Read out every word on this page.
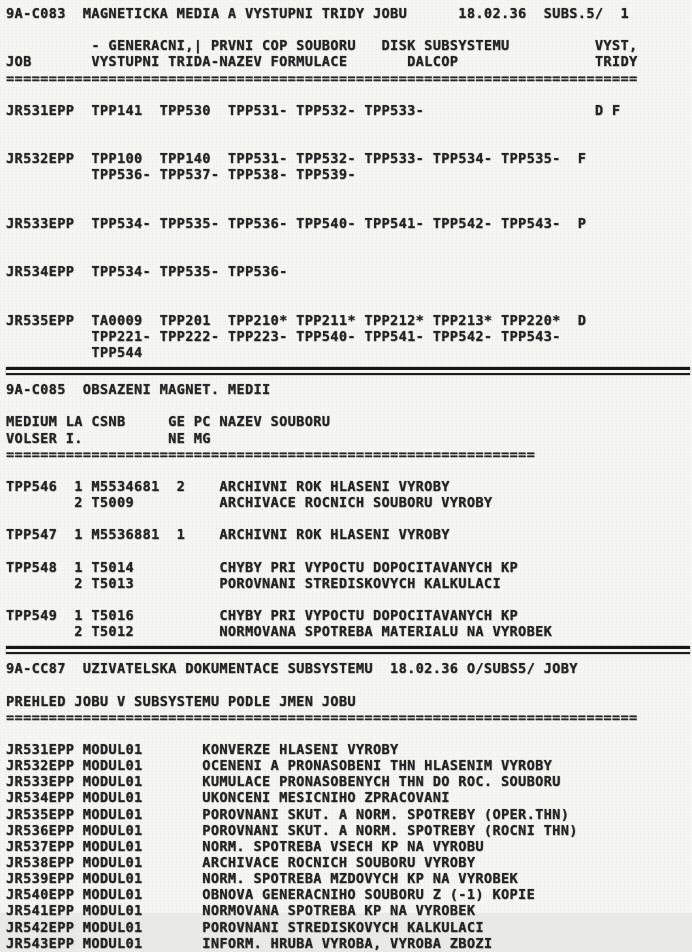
9A-C083  MAGNETICKA MEDIA A VYSTUPNI TRIDY JOBU      18.02.36  SUBS.5/  1
- GENERACNI,| PRVNI COP SOUBORU   DISK SUBSYSTEMU          VYST,
JOB       VYSTUPNI TRIDA-NAZEV FORMULACE       DALCOP                TRIDY
==========================================================================
JR531EPP  TPP141  TPP530  TPP531- TPP532- TPP533-                    D F
JR532EPP  TPP100  TPP140  TPP531- TPP532- TPP533- TPP534- TPP535-  F
TPP536- TPP537- TPP538- TPP539-
JR533EPP  TPP534- TPP535- TPP536- TPP540- TPP541- TPP542- TPP543-  P
JR534EPP  TPP534- TPP535- TPP536-
JR535EPP  TA0009  TPP201  TPP210* TPP211* TPP212* TPP213* TPP220*  D
TPP221- TPP222- TPP223- TPP540- TPP541- TPP542- TPP543-
TPP544
9A-C085  OBSAZENI MAGNET. MEDII
MEDIUM LA CSNB     GE PC NAZEV SOUBORU
VOLSER I.          NE MG
==============================================================
TPP546  1 M5534681  2    ARCHIVNI ROK HLASENI VYROBY
2 T5009          ARCHIVACE ROCNICH SOUBORU VYROBY
TPP547  1 M5536881  1    ARCHIVNI ROK HLASENI VYROBY
TPP548  1 T5014          CHYBY PRI VYPOCTU DOPOCITAVANYCH KP
2 T5013          POROVNANI STREDISKOVYCH KALKULACI
TPP549  1 T5016          CHYBY PRI VYPOCTU DOPOCITAVANYCH KP
2 T5012          NORMOVANA SPOTREBA MATERIALU NA VYROBEK
9A-CC87  UZIVATELSKA DOKUMENTACE SUBSYSTEMU  18.02.36 O/SUBS5/ JOBY
PREHLED JOBU V SUBSYSTEMU PODLE JMEN JOBU
==========================================================================
JR531EPP MODUL01       KONVERZE HLASENI VYROBY
JR532EPP MODUL01       OCENENI A PRONASOBENI THN HLASENIM VYROBY
JR533EPP MODUL01       KUMULACE PRONASOBENYCH THN DO ROC. SOUBORU
JR534EPP MODUL01       UKONCENI MESICNIHO ZPRACOVANI
JR535EPP MODUL01       POROVNANI SKUT. A NORM. SPOTREBY (OPER.THN)
JR536EPP MODUL01       POROVNANI SKUT. A NORM. SPOTREBY (ROCNI THN)
JR537EPP MODUL01       NORM. SPOTREBA VSECH KP NA VYROBU
JR538EPP MODUL01       ARCHIVACE ROCNICH SOUBORU VYROBY
JR539EPP MODUL01       NORM. SPOTREBA MZDOVYCH KP NA VYROBEK
JR540EPP MODUL01       OBNOVA GENERACNIHO SOUBORU Z (-1) KOPIE
JR541EPP MODUL01       NORMOVANA SPOTREBA KP NA VYROBEK
JR542EPP MODUL01       POROVNANI STREDISKOVYCH KALKULACI
JR543EPP MODUL01       INFORM. HRUBA VYROBA, VYROBA ZBOZI
